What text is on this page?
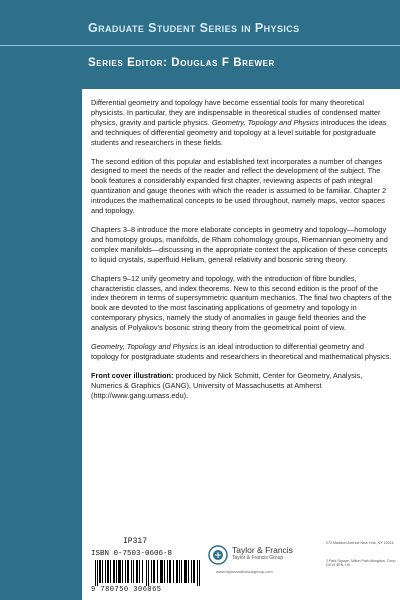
Graduate Student Series in Physics
Series Editor: Douglas F Brewer

Differential geometry and topology have become essential tools for many theoretical physicists. In particular, they are indispensable in theoretical studies of condensed matter physics, gravity and particle physics. Geometry, Topology and Physics introduces the ideas and techniques of differential geometry and topology at a level suitable for postgraduate students and researchers in these fields.

The second edition of this popular and established text incorporates a number of changes designed to meet the needs of the reader and reflect the development of the subject. The book features a considerably expanded first chapter, reviewing aspects of path integral quantization and gauge theories with which the reader is assumed to be familiar. Chapter 2 introduces the mathematical concepts to be used throughout, namely maps, vector spaces and topology.

Chapters 3–8 introduce the more elaborate concepts in geometry and topology—homology and homotopy groups, manifolds, de Rham cohomology groups, Riemannian geometry and complex manifolds—discussing in the appropriate context the application of these concepts to liquid crystals, superfluid Helium, general relativity and bosonic string theory.

Chapters 9–12 unify geometry and topology, with the introduction of fibre bundles, characteristic classes, and index theorems. New to this second edition is the proof of the index theorem in terms of supersymmetric quantum mechanics. The final two chapters of the book are devoted to the most fascinating applications of geometry and topology in contemporary physics, namely the study of anomalies in gauge field theories and the analysis of Polyakov’s bosonic string theory from the geometrical point of view.

Geometry, Topology and Physics is an ideal introduction to differential geometry and topology for postgraduate students and researchers in theoretical and mathematical physics.

Front cover illustration: produced by Nick Schmitt, Center for Geometry, Analysis, Numerics & Graphics (GANG), University of Massachusetts at Amherst (http://www.gang.umass.edu).

IP317
ISBN 0-7503-0606-8
9 780750 306065
Taylor & Francis
Taylor & Francis Group
www.taylorandfrancisgroup.com
270 Madison Avenue New York, NY 10016
2 Park Square, Milton Park Abingdon, Oxon OX14 4RN, UK
